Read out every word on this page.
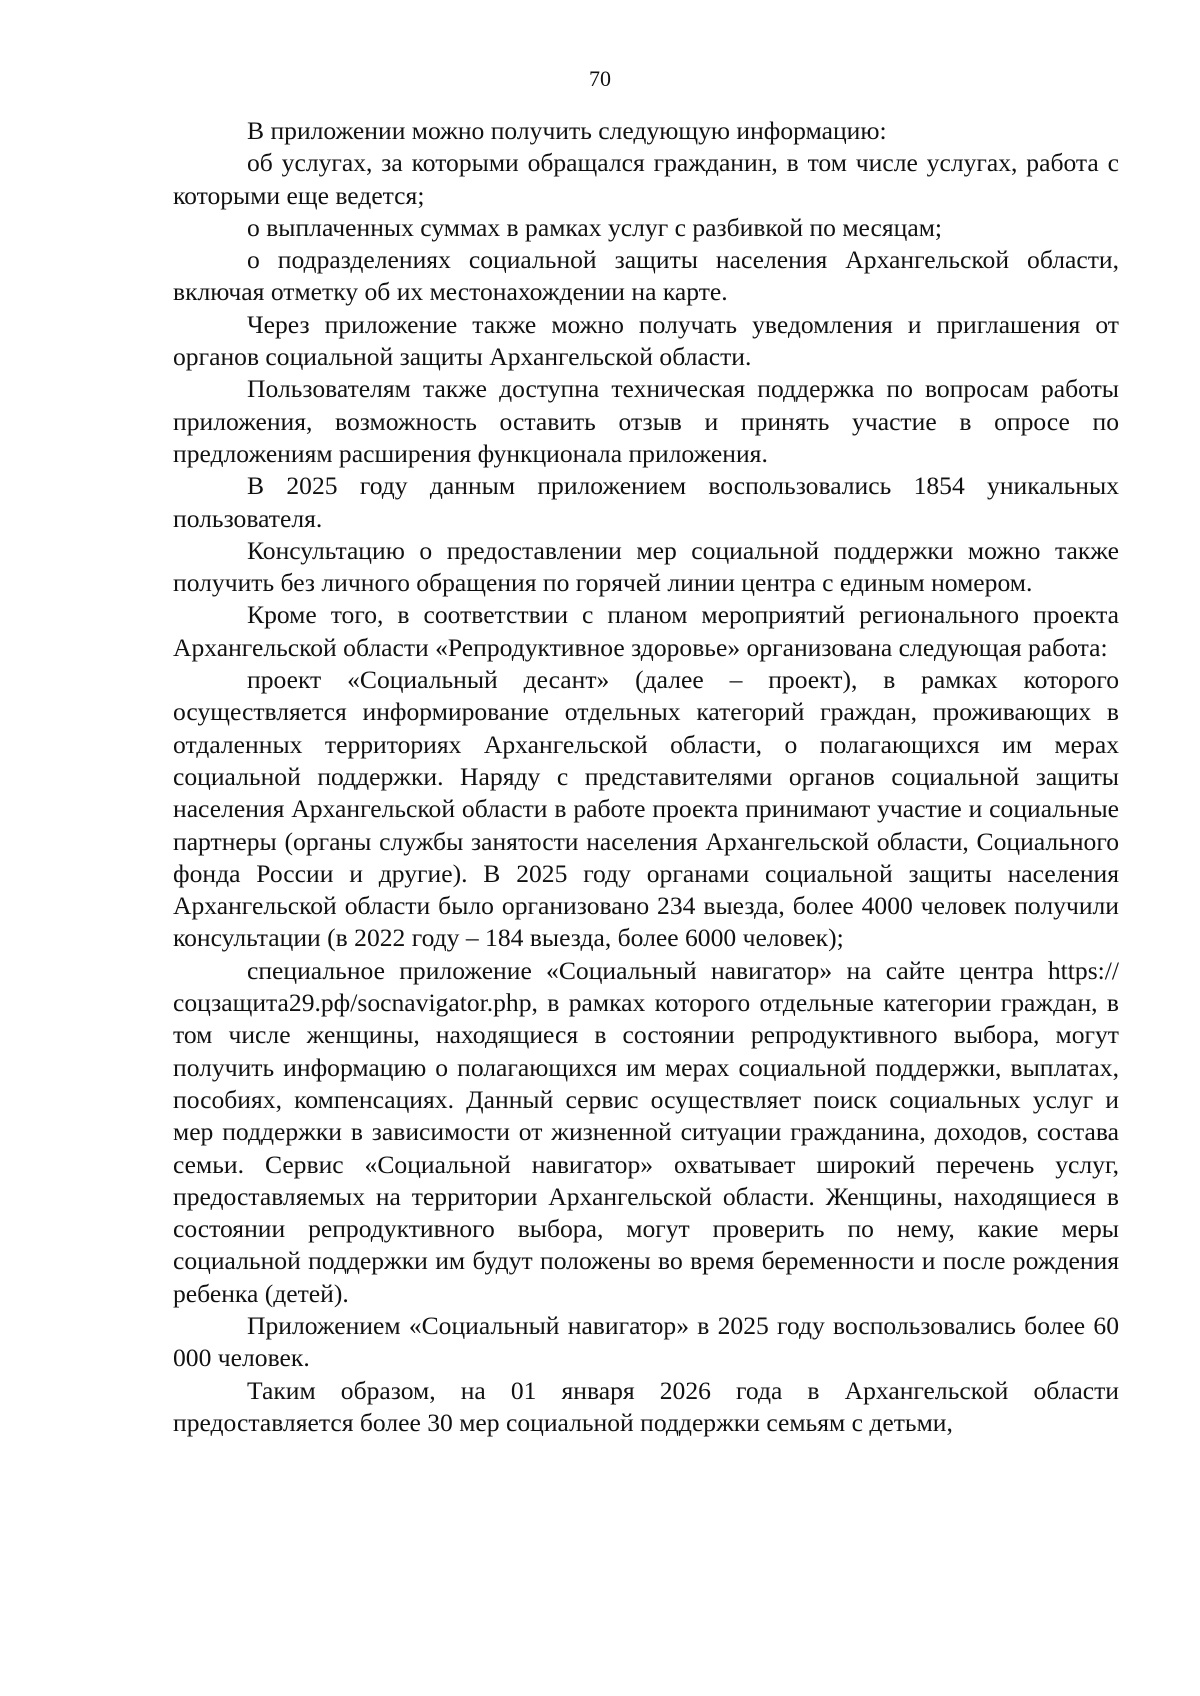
70

В приложении можно получить следующую информацию:

об услугах, за которыми обращался гражданин, в том числе услугах, работа с которыми еще ведется;

о выплаченных суммах в рамках услуг с разбивкой по месяцам;

о подразделениях социальной защиты населения Архангельской области, включая отметку об их местонахождении на карте.

Через приложение также можно получать уведомления и приглашения от органов социальной защиты Архангельской области.

Пользователям также доступна техническая поддержка по вопросам работы приложения, возможность оставить отзыв и принять участие в опросе по предложениям расширения функционала приложения.

В 2025 году данным приложением воспользовались 1854 уникальных пользователя.

Консультацию о предоставлении мер социальной поддержки можно также получить без личного обращения по горячей линии центра с единым номером.

Кроме того, в соответствии с планом мероприятий регионального проекта Архангельской области «Репродуктивное здоровье» организована следующая работа:

проект «Социальный десант» (далее – проект), в рамках которого осуществляется информирование отдельных категорий граждан, проживающих в отдаленных территориях Архангельской области, о полагающихся им мерах социальной поддержки. Наряду с представителями органов социальной защиты населения Архангельской области в работе проекта принимают участие и социальные партнеры (органы службы занятости населения Архангельской области, Социального фонда России и другие). В 2025 году органами социальной защиты населения Архангельской области было организовано 234 выезда, более 4000 человек получили консультации (в 2022 году – 184 выезда, более 6000 человек);

специальное приложение «Социальный навигатор» на сайте центра https://соцзащита29.рф/socnavigator.php, в рамках которого отдельные категории граждан, в том числе женщины, находящиеся в состоянии репродуктивного выбора, могут получить информацию о полагающихся им мерах социальной поддержки, выплатах, пособиях, компенсациях. Данный сервис осуществляет поиск социальных услуг и мер поддержки в зависимости от жизненной ситуации гражданина, доходов, состава семьи. Сервис «Социальной навигатор» охватывает широкий перечень услуг, предоставляемых на территории Архангельской области. Женщины, находящиеся в состоянии репродуктивного выбора, могут проверить по нему, какие меры социальной поддержки им будут положены во время беременности и после рождения ребенка (детей).

Приложением «Социальный навигатор» в 2025 году воспользовались более 60 000 человек.

Таким образом, на 01 января 2026 года в Архангельской области предоставляется более 30 мер социальной поддержки семьям с детьми,
